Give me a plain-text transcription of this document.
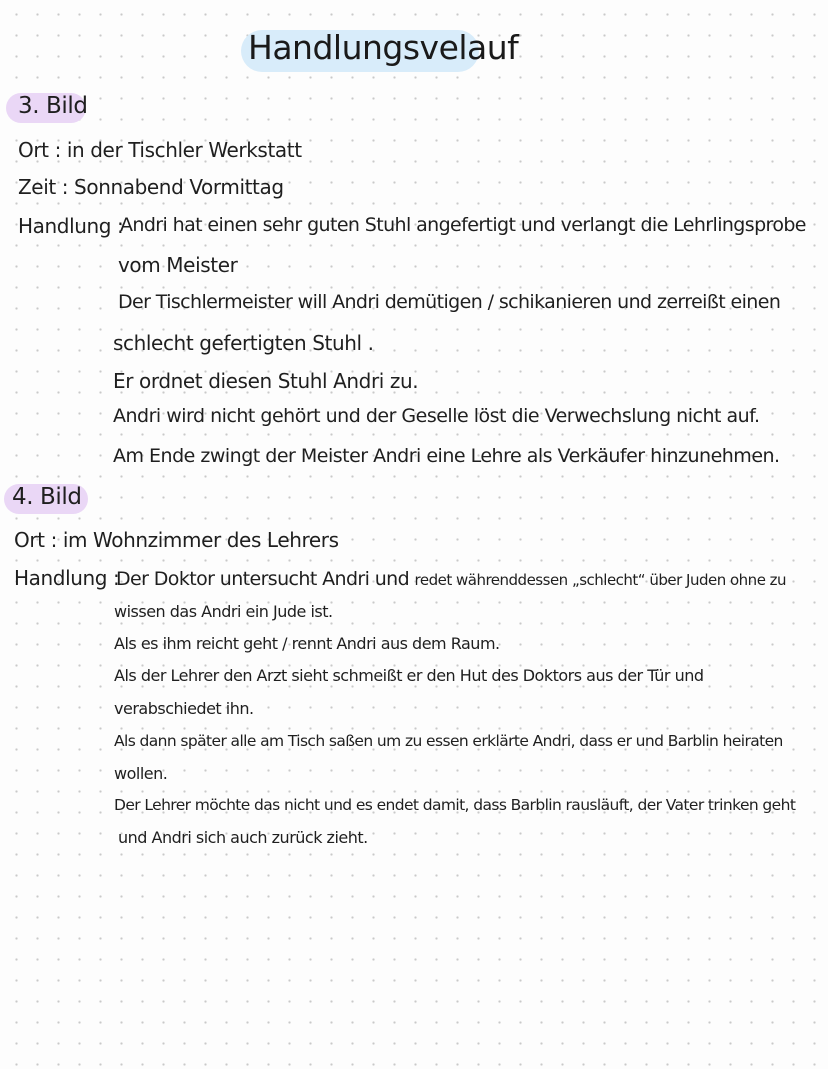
Handlungsvelauf
3. Bild
Ort : in der Tischler Werkstatt
Zeit : Sonnabend Vormittag
Handlung :
Andri hat einen sehr guten Stuhl angefertigt und verlangt die Lehrlingsprobe
vom Meister
Der Tischlermeister will Andri demütigen / schikanieren und zerreißt einen
schlecht gefertigten Stuhl .
Er ordnet diesen Stuhl Andri zu.
Andri wird nicht gehört und der Geselle löst die Verwechslung nicht auf.
Am Ende zwingt der Meister Andri eine Lehre als Verkäufer hinzunehmen.
4. Bild
Ort : im Wohnzimmer des Lehrers
Handlung :
Der Doktor untersucht Andri und redet währenddessen „schlecht“ über Juden ohne zu
wissen das Andri ein Jude ist.
Als es ihm reicht geht / rennt Andri aus dem Raum.
Als der Lehrer den Arzt sieht schmeißt er den Hut des Doktors aus der Tür und
verabschiedet ihn.
Als dann später alle am Tisch saßen um zu essen erklärte Andri, dass er und Barblin heiraten
wollen.
Der Lehrer möchte das nicht und es endet damit, dass Barblin rausläuft, der Vater trinken geht
und Andri sich auch zurück zieht.
